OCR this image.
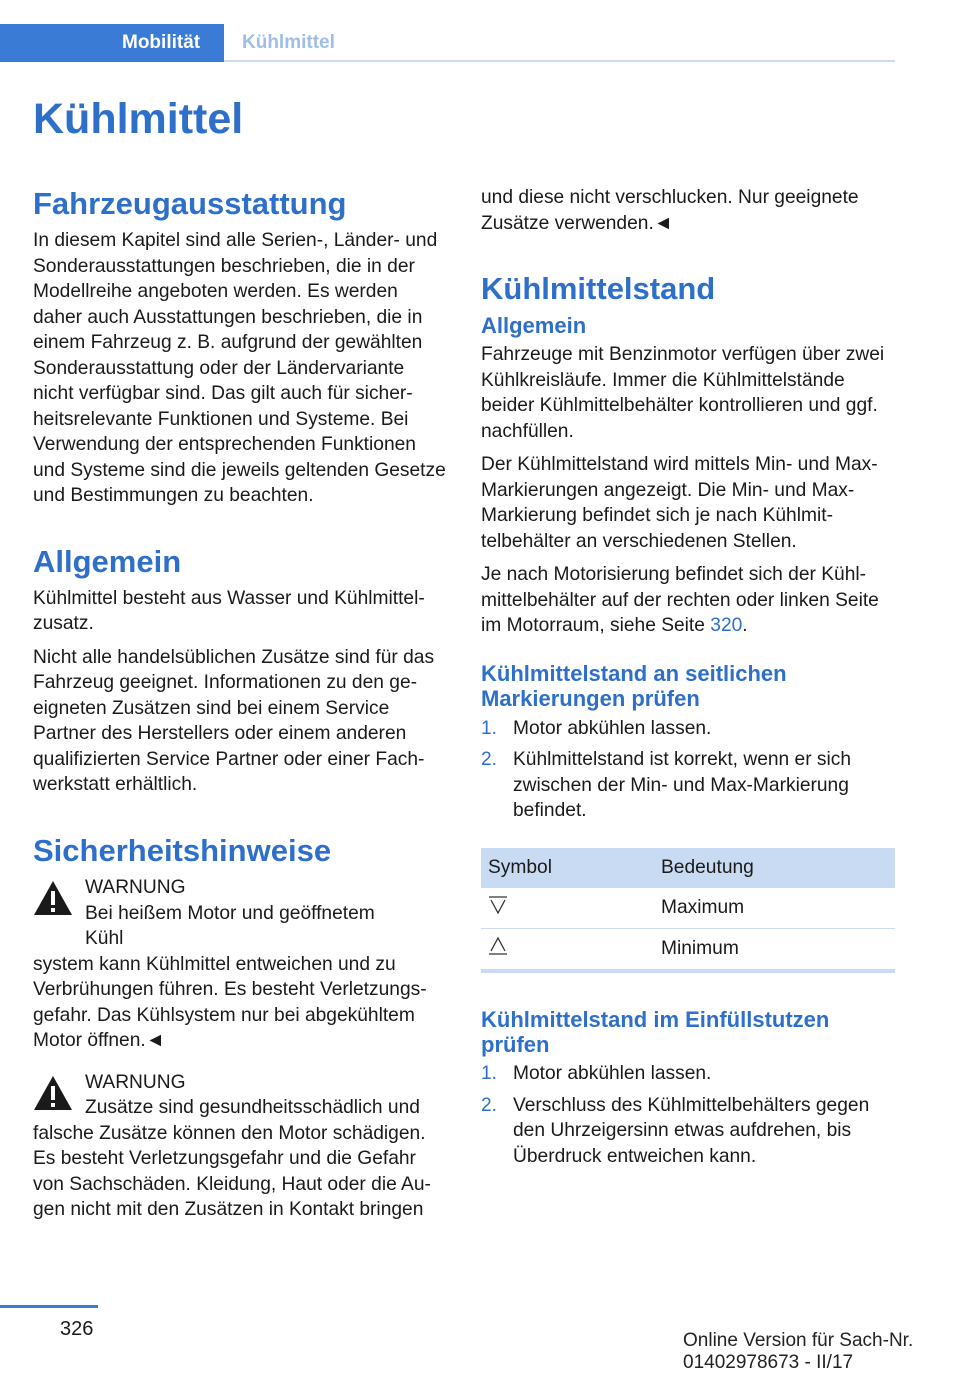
Mobilität	Kühlmittel
Kühlmittel
Fahrzeugausstattung

In diesem Kapitel sind alle Serien-, Länder- und Sonderausstattungen beschrieben, die in der Modellreihe angeboten werden. Es werden daher auch Ausstattungen beschrieben, die in einem Fahrzeug z. B. aufgrund der gewählten Sonderausstattung oder der Ländervariante nicht verfügbar sind. Das gilt auch für sicherheitsrelevante Funktionen und Systeme. Bei Verwendung der entsprechenden Funktionen und Systeme sind die jeweils geltenden Gesetze und Bestimmungen zu beachten.

Allgemein

Kühlmittel besteht aus Wasser und Kühlmittelzusatz.

Nicht alle handelsüblichen Zusätze sind für das Fahrzeug geeignet. Informationen zu den geeigneten Zusätzen sind bei einem Service Partner des Herstellers oder einem anderen qualifizierten Service Partner oder einer Fachwerkstatt erhältlich.

Sicherheitshinweise
WARNUNG
Bei heißem Motor und geöffnetem Kühl

system kann Kühlmittel entweichen und zu Verbrühungen führen. Es besteht Verletzungsgefahr. Das Kühlsystem nur bei abgekühltem Motor öffnen.◄

WARNUNG
Zusätze sind gesundheitsschädlich und

falsche Zusätze können den Motor schädigen. Es besteht Verletzungsgefahr und die Gefahr von Sachschäden. Kleidung, Haut oder die Augen nicht mit den Zusätzen in Kontakt bringen

und diese nicht verschlucken. Nur geeignete Zusätze verwenden.◄

Kühlmittelstand
Allgemein

Fahrzeuge mit Benzinmotor verfügen über zwei Kühlkreisläufe. Immer die Kühlmittelstände beider Kühlmittelbehälter kontrollieren und ggf. nachfüllen.

Der Kühlmittelstand wird mittels Min- und Max-Markierungen angezeigt. Die Min- und Max-Markierung befindet sich je nach Kühlmittelbehälter an verschiedenen Stellen.

Je nach Motorisierung befindet sich der Kühlmittelbehälter auf der rechten oder linken Seite im Motorraum, siehe Seite 320.

Kühlmittelstand an seitlichen Markierungen prüfen
1. Motor abkühlen lassen.
2. Kühlmittelstand ist korrekt, wenn er sich zwischen der Min- und Max-Markierung befindet.
Symbol	Bedeutung
	Maximum
	Minimum
Kühlmittelstand im Einfüllstutzen prüfen
1. Motor abkühlen lassen.
2. Verschluss des Kühlmittelbehälters gegen den Uhrzeigersinn etwas aufdrehen, bis Überdruck entweichen kann.
326
Online Version für Sach-Nr. 01402978673 - II/17
